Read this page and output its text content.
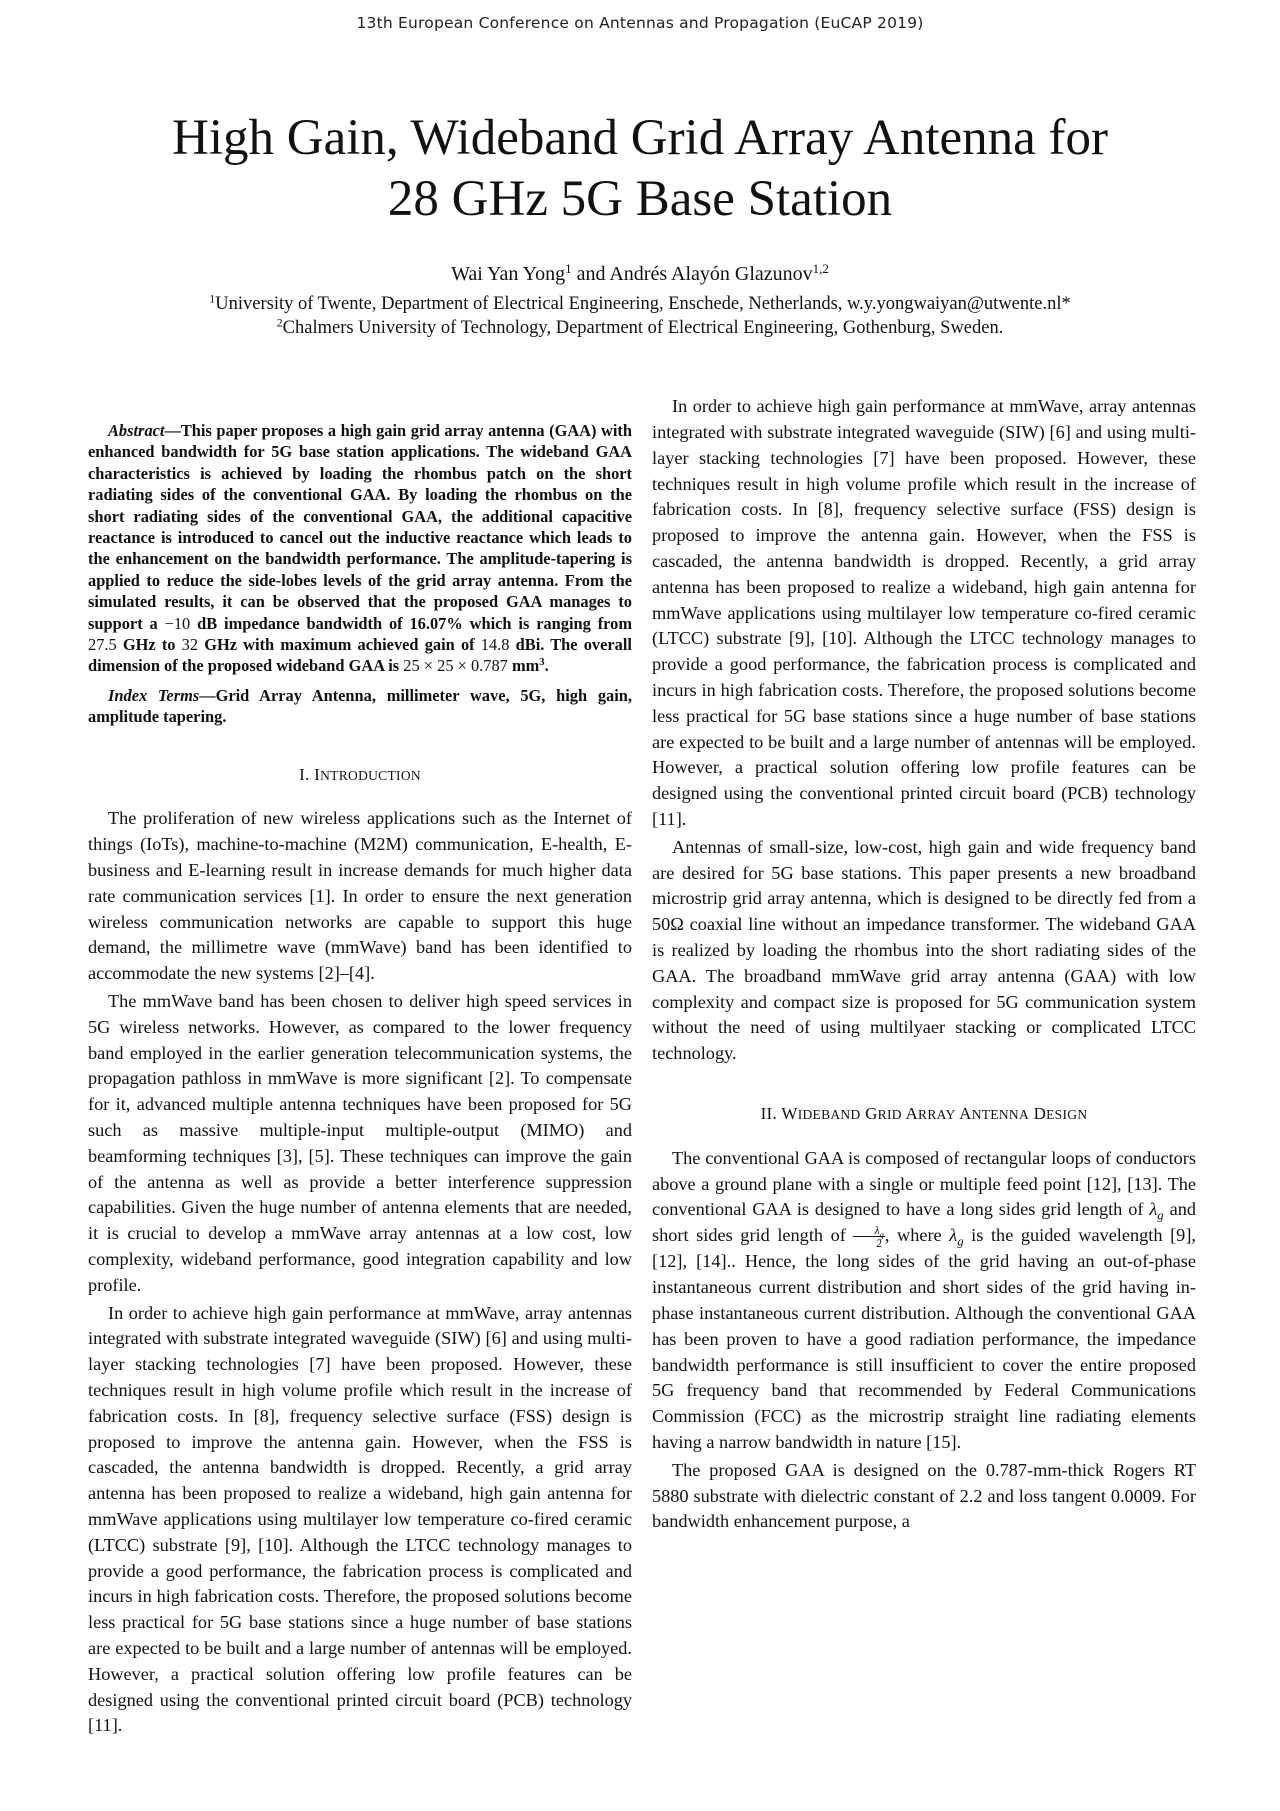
13th European Conference on Antennas and Propagation (EuCAP 2019)
High Gain, Wideband Grid Array Antenna for
28 GHz 5G Base Station
Wai Yan Yong$^1$ and Andrés Alayón Glazunov$^{1,2}$
$^1$University of Twente, Department of Electrical Engineering, Enschede, Netherlands, w.y.yongwaiyan@utwente.nl*
$^2$Chalmers University of Technology, Department of Electrical Engineering, Gothenburg, Sweden.

Abstract—This paper proposes a high gain grid array antenna (GAA) with enhanced bandwidth for 5G base station applications. The wideband GAA characteristics is achieved by loading the rhombus patch on the short radiating sides of the conventional GAA. By loading the rhombus on the short radiating sides of the conventional GAA, the additional capacitive reactance is introduced to cancel out the inductive reactance which leads to the enhancement on the bandwidth performance. The amplitude-tapering is applied to reduce the side-lobes levels of the grid array antenna. From the simulated results, it can be observed that the proposed GAA manages to support a −10 dB impedance bandwidth of 16.07% which is ranging from 27.5 GHz to 32 GHz with maximum achieved gain of 14.8 dBi. The overall dimension of the proposed wideband GAA is 25 × 25 × 0.787 $mm^3$.

Index Terms—Grid Array Antenna, millimeter wave, 5G, high gain, amplitude tapering.

I. INTRODUCTION

The proliferation of new wireless applications such as the Internet of things (IoTs), machine-to-machine (M2M) communication, E-health, E-business and E-learning result in increase demands for much higher data rate communication services [1]. In order to ensure the next generation wireless communication networks are capable to support this huge demand, the millimetre wave (mmWave) band has been identified to accommodate the new systems [2]–[4].

The mmWave band has been chosen to deliver high speed services in 5G wireless networks. However, as compared to the lower frequency band employed in the earlier generation telecommunication systems, the propagation pathloss in mmWave is more significant [2]. To compensate for it, advanced multiple antenna techniques have been proposed for 5G such as massive multiple-input multiple-output (MIMO) and beamforming techniques [3], [5]. These techniques can improve the gain of the antenna as well as provide a better interference suppression capabilities. Given the huge number of antenna elements that are needed, it is crucial to develop a mmWave array antennas at a low cost, low complexity, wideband performance, good integration capability and low profile.

In order to achieve high gain performance at mmWave, array antennas integrated with substrate integrated waveguide (SIW) [6] and using multi-layer stacking technologies [7] have been proposed. However, these techniques result in high volume profile which result in the increase of fabrication costs. In [8], frequency selective surface (FSS) design is proposed to improve the antenna gain. However, when the FSS is cascaded, the antenna bandwidth is dropped. Recently, a grid array antenna has been proposed to realize a wideband, high gain antenna for mmWave applications using multilayer low temperature co-fired ceramic (LTCC) substrate [9], [10]. Although the LTCC technology manages to provide a good performance, the fabrication process is complicated and incurs in high fabrication costs. Therefore, the proposed solutions become less practical for 5G base stations since a huge number of base stations are expected to be built and a large number of antennas will be employed. However, a practical solution offering low profile features can be designed using the conventional printed circuit board (PCB) technology [11].

In order to achieve high gain performance at mmWave, array antennas integrated with substrate integrated waveguide (SIW) [6] and using multi-layer stacking technologies [7] have been proposed. However, these techniques result in high volume profile which result in the increase of fabrication costs. In [8], frequency selective surface (FSS) design is proposed to improve the antenna gain. However, when the FSS is cascaded, the antenna bandwidth is dropped. Recently, a grid array antenna has been proposed to realize a wideband, high gain antenna for mmWave applications using multilayer low temperature co-fired ceramic (LTCC) substrate [9], [10]. Although the LTCC technology manages to provide a good performance, the fabrication process is complicated and incurs in high fabrication costs. Therefore, the proposed solutions become less practical for 5G base stations since a huge number of base stations are expected to be built and a large number of antennas will be employed. However, a practical solution offering low profile features can be designed using the conventional printed circuit board (PCB) technology [11].

Antennas of small-size, low-cost, high gain and wide frequency band are desired for 5G base stations. This paper presents a new broadband microstrip grid array antenna, which is designed to be directly fed from a 50Ω coaxial line without an impedance transformer. The wideband GAA is realized by loading the rhombus into the short radiating sides of the GAA. The broadband mmWave grid array antenna (GAA) with low complexity and compact size is proposed for 5G communication system without the need of using multilyaer stacking or complicated LTCC technology.

II. WIDEBAND GRID ARRAY ANTENNA DESIGN

The conventional GAA is composed of rectangular loops of conductors above a ground plane with a single or multiple feed point [12], [13]. The conventional GAA is designed to have a long sides grid length of $\lambda_g$ and short sides grid length of $\frac{\lambda_g}{2}$ , where $\lambda_g$ is the guided wavelength [9], [12], [14].. Hence, the long sides of the grid having an out-of-phase instantaneous current distribution and short sides of the grid having in-phase instantaneous current distribution. Although the conventional GAA has been proven to have a good radiation performance, the impedance bandwidth performance is still insufficient to cover the entire proposed 5G frequency band that recommended by Federal Communications Commission (FCC) as the microstrip straight line radiating elements having a narrow bandwidth in nature [15].

The proposed GAA is designed on the 0.787-mm-thick Rogers RT 5880 substrate with dielectric constant of 2.2 and loss tangent 0.0009. For bandwidth enhancement purpose, a
